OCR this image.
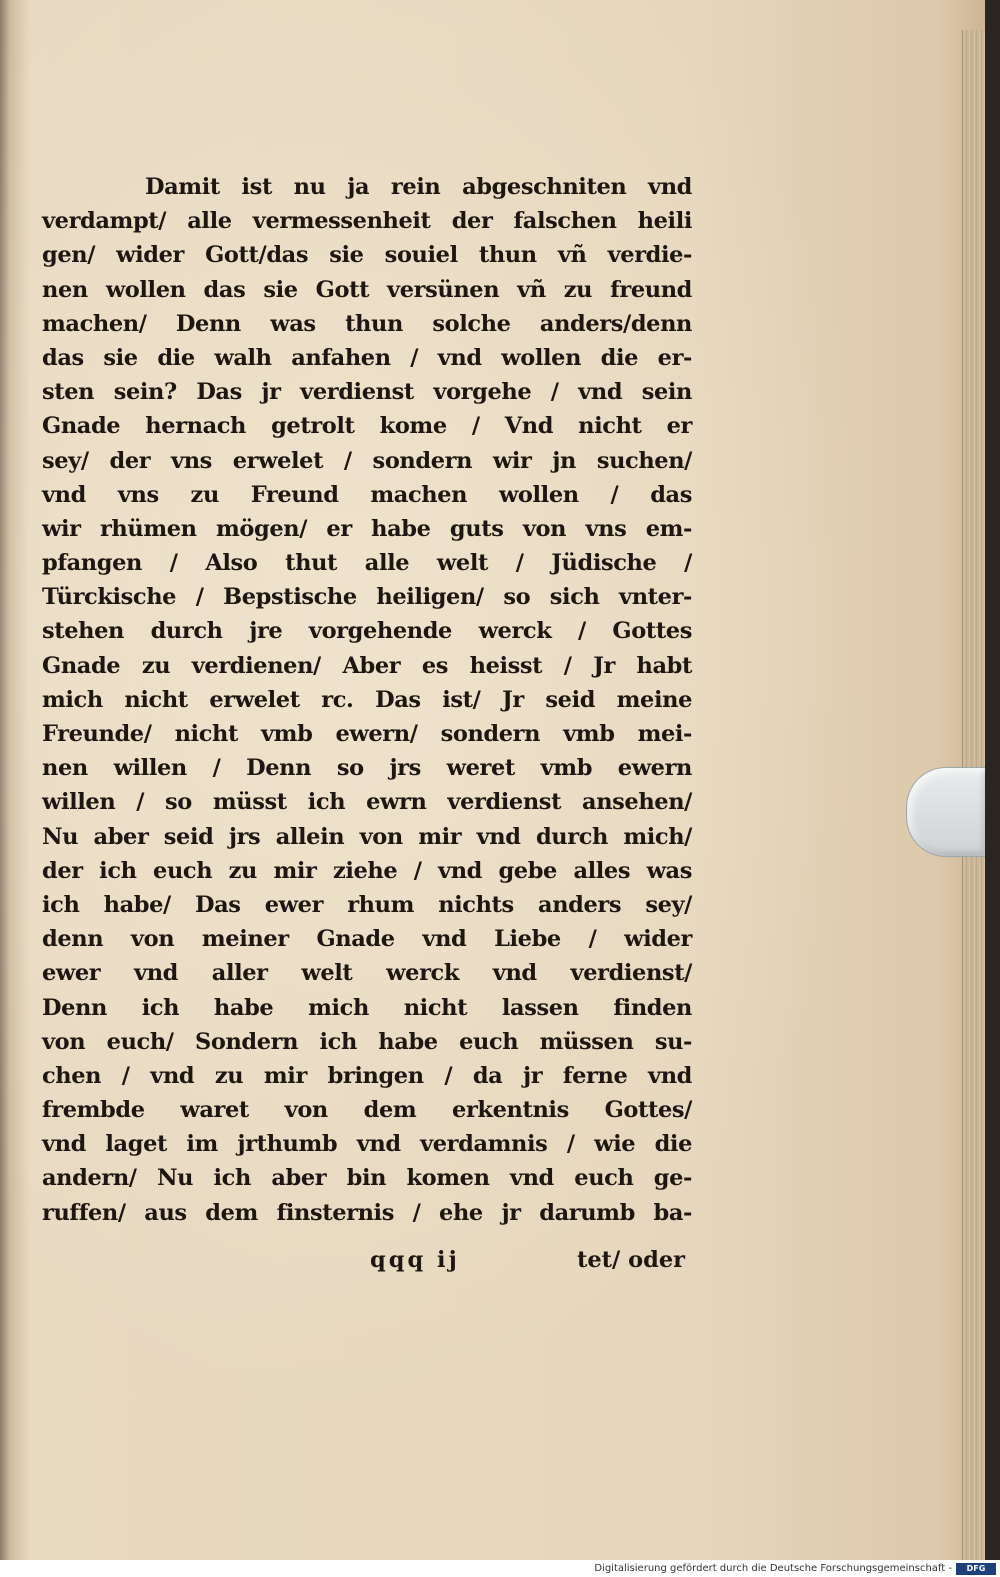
Damit ist nu ja rein abgeschniten vnd
verdampt/ alle vermessenheit der falschen heili
gen/ wider Gott/das sie souiel thun vñ verdie-
nen wollen das sie Gott versünen vñ zu freund
machen/ Denn was thun solche anders/denn
das sie die walh anfahen / vnd wollen die er-
sten sein? Das jr verdienst vorgehe / vnd sein
Gnade hernach getrolt kome / Vnd nicht er
sey/ der vns erwelet / sondern wir jn suchen/
vnd vns zu Freund machen wollen / das
wir rhümen mögen/ er habe guts von vns em-
pfangen / Also thut alle welt / Jüdische /
Türckische / Bepstische heiligen/ so sich vnter-
stehen durch jre vorgehende werck / Gottes
Gnade zu verdienen/ Aber es heisst / Jr habt
mich nicht erwelet rc. Das ist/ Jr seid meine
Freunde/ nicht vmb ewern/ sondern vmb mei-
nen willen / Denn so jrs weret vmb ewern
willen / so müsst ich ewrn verdienst ansehen/
Nu aber seid jrs allein von mir vnd durch mich/
der ich euch zu mir ziehe / vnd gebe alles was
ich habe/ Das ewer rhum nichts anders sey/
denn von meiner Gnade vnd Liebe / wider
ewer vnd aller welt werck vnd verdienst/
Denn ich habe mich nicht lassen finden
von euch/ Sondern ich habe euch müssen su-
chen / vnd zu mir bringen / da jr ferne vnd
frembde waret von dem erkentnis Gottes/
vnd laget im jrthumb vnd verdamnis / wie die
andern/ Nu ich aber bin komen vnd euch ge-
ruffen/ aus dem finsternis / ehe jr darumb ba-
qqq ij	tet/ oder
Digitalisierung gefördert durch die Deutsche Forschungsgemeinschaft -	DFG
